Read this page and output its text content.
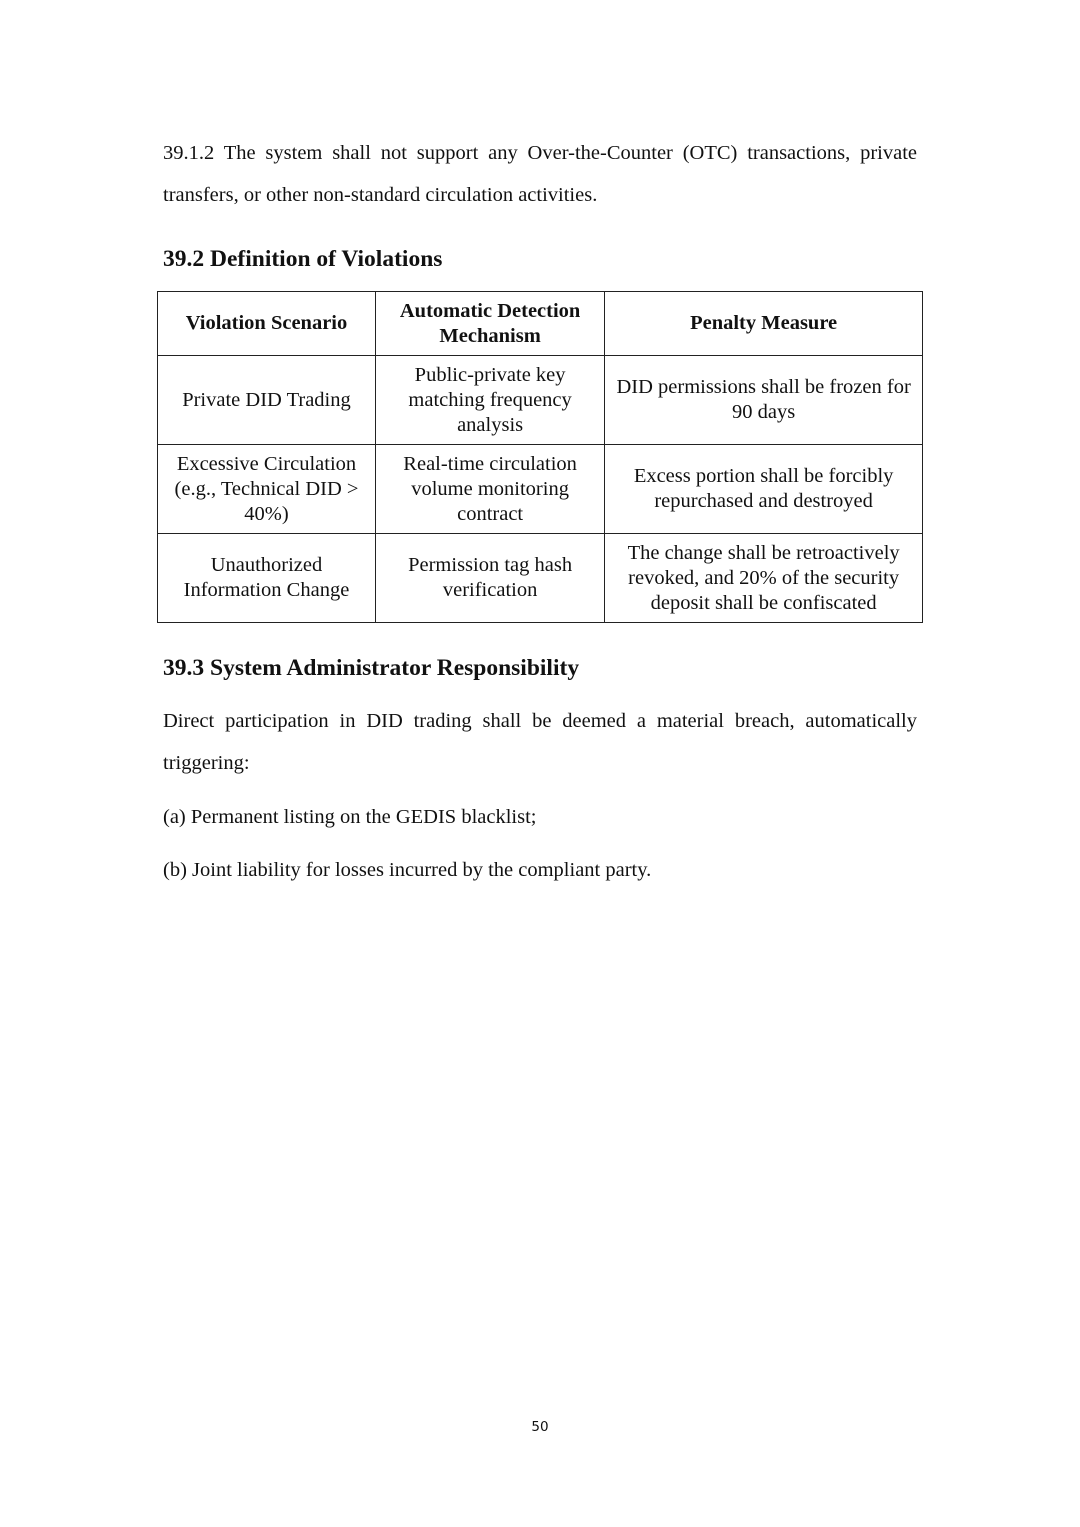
39.1.2 The system shall not support any Over-the-Counter (OTC) transactions, private transfers, or other non-standard circulation activities.

39.2 Definition of Violations
Violation Scenario	Automatic Detection Mechanism	Penalty Measure
Private DID Trading	Public-private key matching frequency analysis	DID permissions shall be frozen for 90 days
Excessive Circulation (e.g., Technical DID > 40%)	Real-time circulation volume monitoring contract	Excess portion shall be forcibly repurchased and destroyed
Unauthorized Information Change	Permission tag hash verification	The change shall be retroactively revoked, and 20% of the security deposit shall be confiscated
39.3 System Administrator Responsibility

Direct participation in DID trading shall be deemed a material breach, automatically triggering:

(a) Permanent listing on the GEDIS blacklist;

(b) Joint liability for losses incurred by the compliant party.

50
